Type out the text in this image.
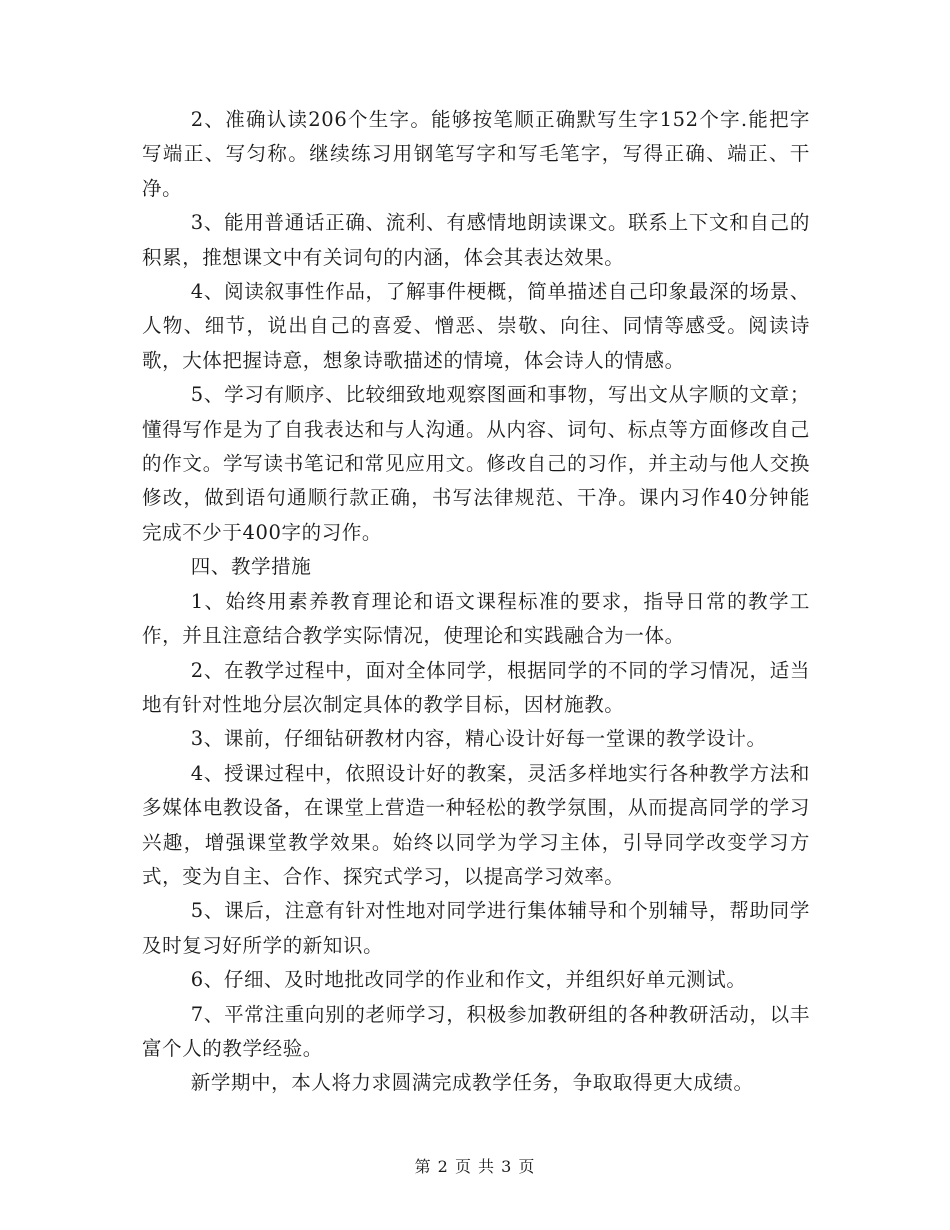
2、准确认读206个生字。能够按笔顺正确默写生字152个字.能把字写端正、写匀称。继续练习用钢笔写字和写毛笔字，写得正确、端正、干净。

3、能用普通话正确、流利、有感情地朗读课文。联系上下文和自己的积累，推想课文中有关词句的内涵，体会其表达效果。

4、阅读叙事性作品，了解事件梗概，简单描述自己印象最深的场景、人物、细节，说出自己的喜爱、憎恶、崇敬、向往、同情等感受。阅读诗歌，大体把握诗意，想象诗歌描述的情境，体会诗人的情感。

5、学习有顺序、比较细致地观察图画和事物，写出文从字顺的文章；懂得写作是为了自我表达和与人沟通。从内容、词句、标点等方面修改自己的作文。学写读书笔记和常见应用文。修改自己的习作，并主动与他人交换修改，做到语句通顺行款正确，书写法律规范、干净。课内习作40分钟能完成不少于400字的习作。

四、教学措施

1、始终用素养教育理论和语文课程标准的要求，指导日常的教学工作，并且注意结合教学实际情况，使理论和实践融合为一体。

2、在教学过程中，面对全体同学，根据同学的不同的学习情况，适当地有针对性地分层次制定具体的教学目标，因材施教。

3、课前，仔细钻研教材内容，精心设计好每一堂课的教学设计。

4、授课过程中，依照设计好的教案，灵活多样地实行各种教学方法和多媒体电教设备，在课堂上营造一种轻松的教学氛围，从而提高同学的学习兴趣，增强课堂教学效果。始终以同学为学习主体，引导同学改变学习方式，变为自主、合作、探究式学习，以提高学习效率。

5、课后，注意有针对性地对同学进行集体辅导和个别辅导，帮助同学及时复习好所学的新知识。

6、仔细、及时地批改同学的作业和作文，并组织好单元测试。

7、平常注重向别的老师学习，积极参加教研组的各种教研活动，以丰富个人的教学经验。

新学期中，本人将力求圆满完成教学任务，争取取得更大成绩。

第 2 页 共 3 页
